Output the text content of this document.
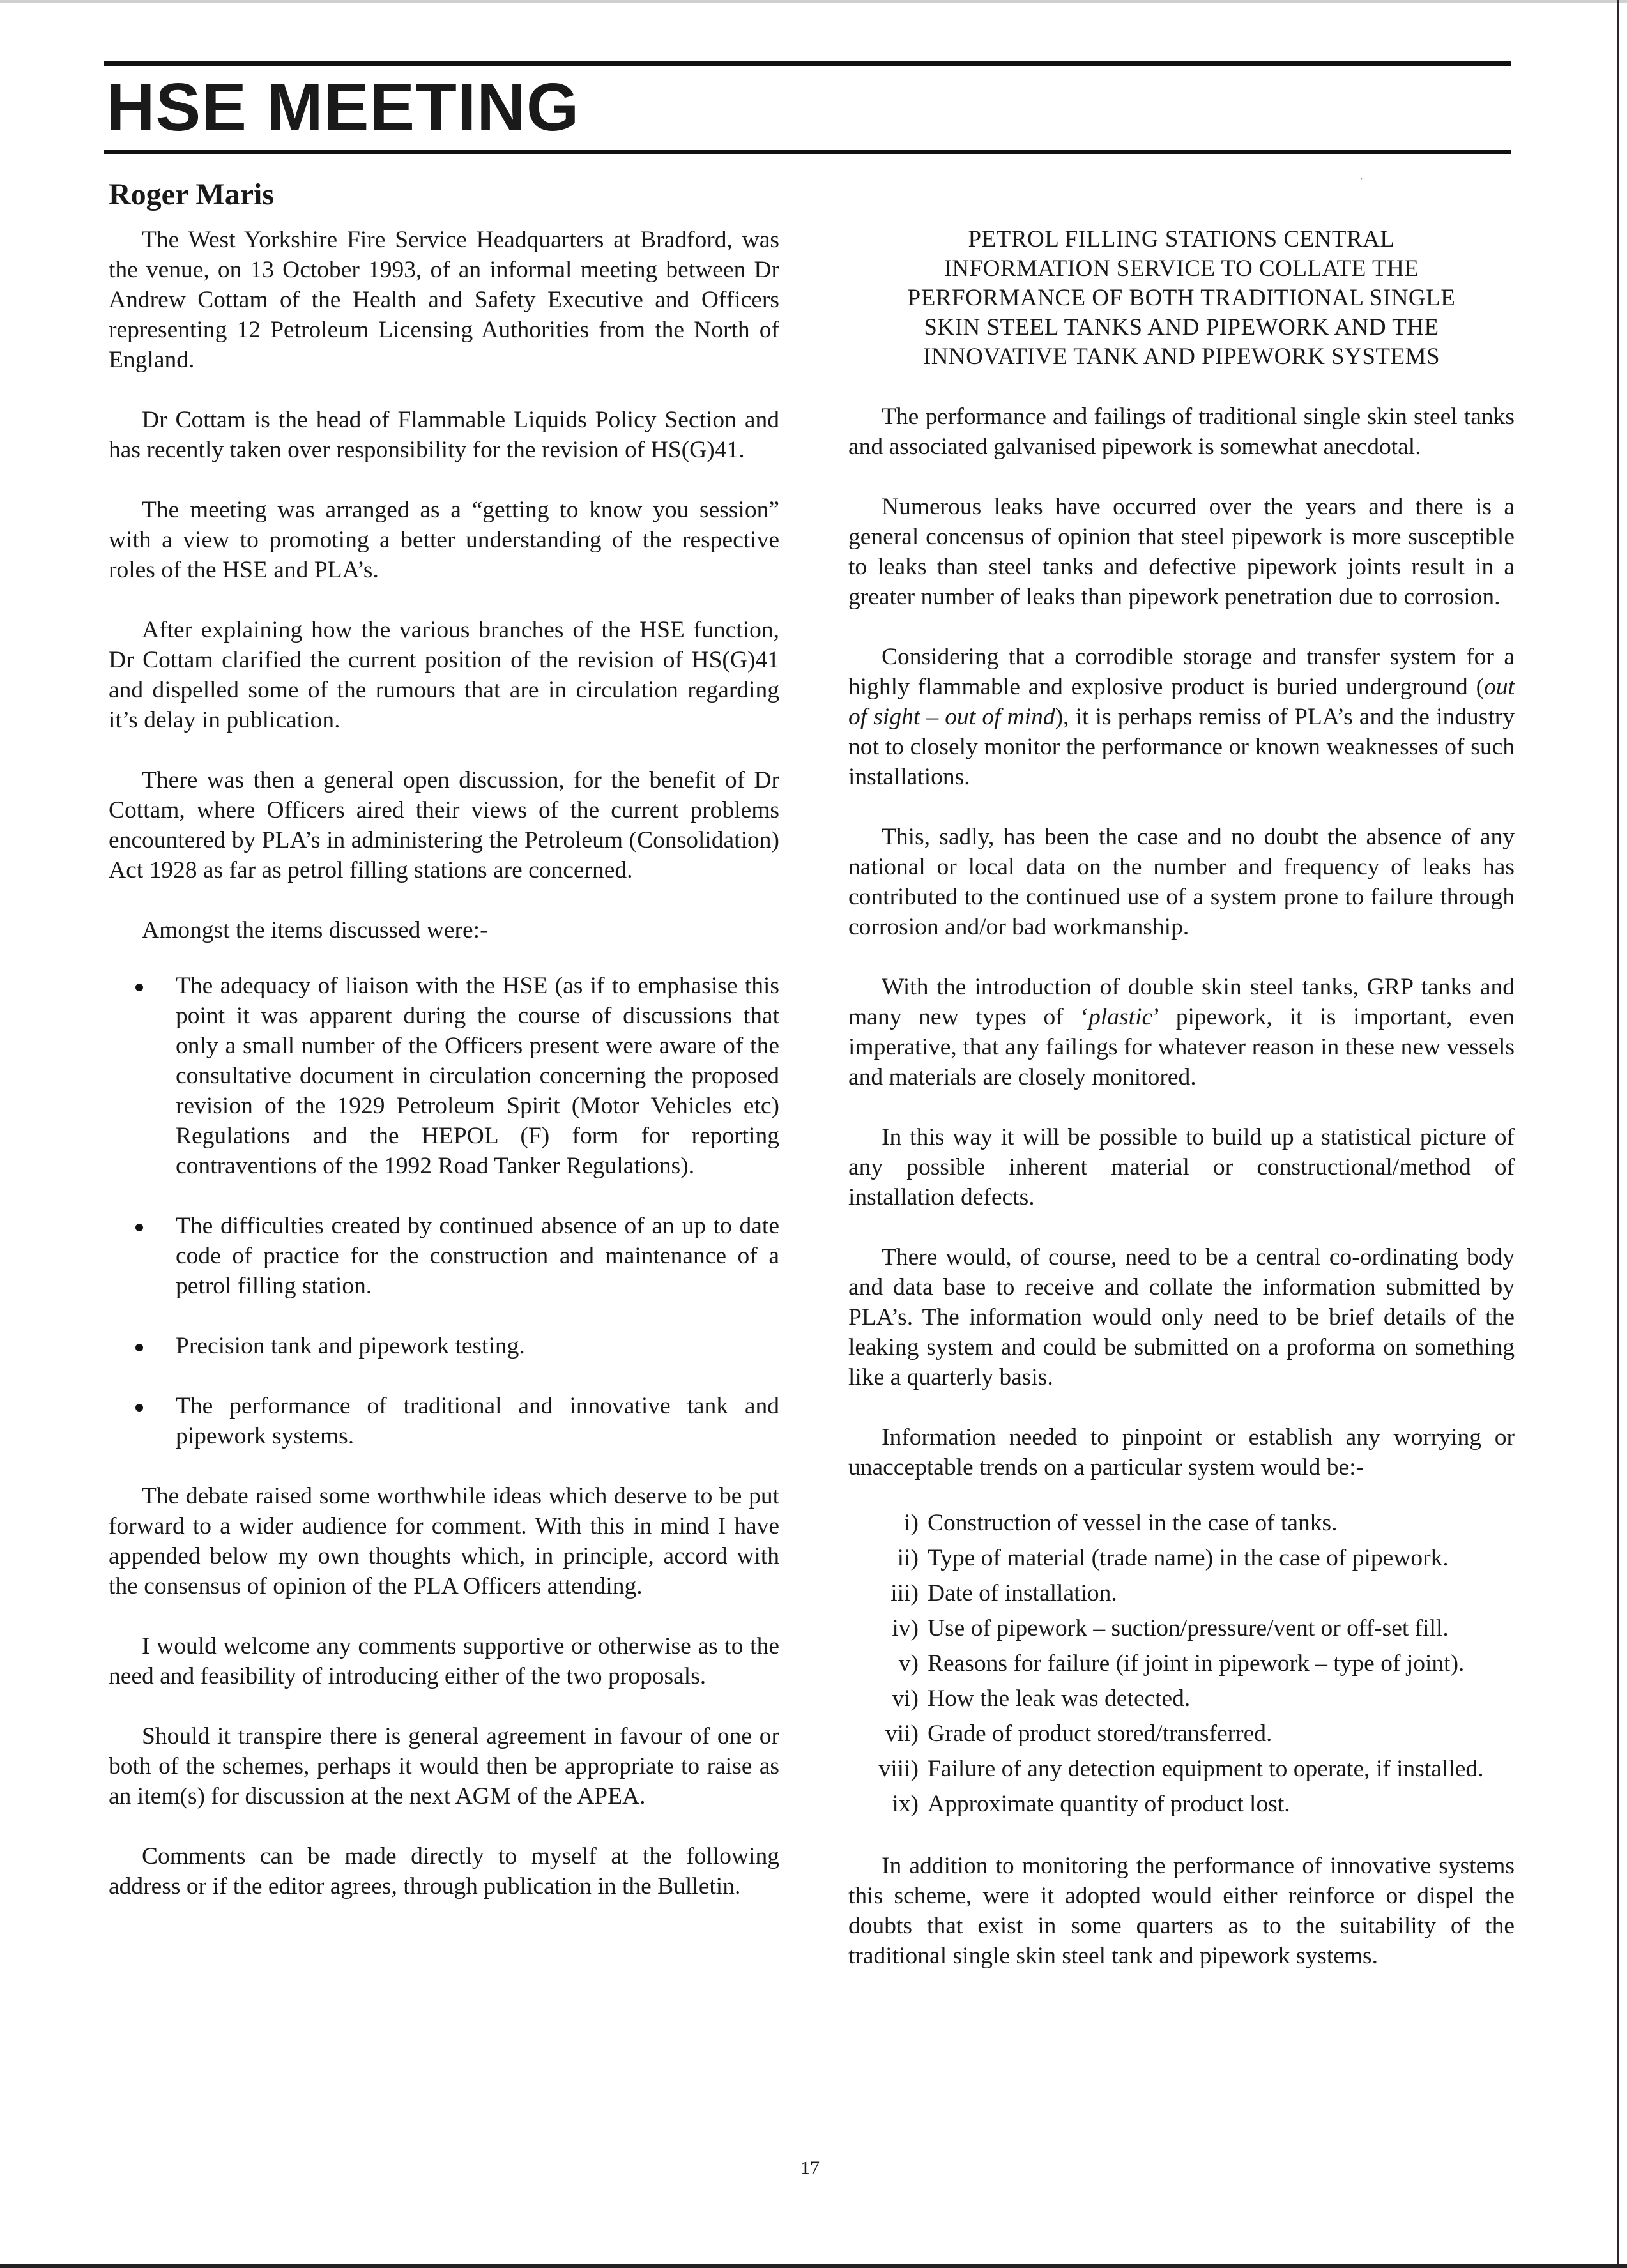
HSE MEETING
Roger Maris	·

The West Yorkshire Fire Service Headquarters at Bradford, was the venue, on 13 October 1993, of an informal meeting between Dr Andrew Cottam of the Health and Safety Executive and Officers representing 12 Petroleum Licensing Authorities from the North of England.

Dr Cottam is the head of Flammable Liquids Policy Section and has recently taken over responsibility for the revision of HS(G)41.

The meeting was arranged as a “getting to know you session” with a view to promoting a better understanding of the respective roles of the HSE and PLA’s.

After explaining how the various branches of the HSE function, Dr Cottam clarified the current position of the revision of HS(G)41 and dispelled some of the rumours that are in circulation regarding it’s delay in publication.

There was then a general open discussion, for the benefit of Dr Cottam, where Officers aired their views of the current problems encountered by PLA’s in administering the Petroleum (Consolidation) Act 1928 as far as petrol filling stations are concerned.

Amongst the items discussed were:-

The adequacy of liaison with the HSE (as if to emphasise this point it was apparent during the course of discussions that only a small number of the Officers present were aware of the consultative document in circulation concerning the proposed revision of the 1929 Petroleum Spirit (Motor Vehicles etc) Regulations and the HEPOL (F) form for reporting contraventions of the 1992 Road Tanker Regulations).
The difficulties created by continued absence of an up to date code of practice for the construction and maintenance of a petrol filling station.
Precision tank and pipework testing.
The performance of traditional and innovative tank and pipework systems.

The debate raised some worthwhile ideas which deserve to be put forward to a wider audience for comment. With this in mind I have appended below my own thoughts which, in principle, accord with the consensus of opinion of the PLA Officers attending.

I would welcome any comments supportive or otherwise as to the need and feasibility of introducing either of the two proposals.

Should it transpire there is general agreement in favour of one or both of the schemes, perhaps it would then be appropriate to raise as an item(s) for discussion at the next AGM of the APEA.

Comments can be made directly to myself at the following address or if the editor agrees, through publication in the Bulletin.

PETROL FILLING STATIONS CENTRAL
INFORMATION SERVICE TO COLLATE THE
PERFORMANCE OF BOTH TRADITIONAL SINGLE
SKIN STEEL TANKS AND PIPEWORK AND THE
INNOVATIVE TANK AND PIPEWORK SYSTEMS

The performance and failings of traditional single skin steel tanks and associated galvanised pipework is somewhat anecdotal.

Numerous leaks have occurred over the years and there is a general concensus of opinion that steel pipework is more susceptible to leaks than steel tanks and defective pipework joints result in a greater number of leaks than pipework penetration due to corrosion.

Considering that a corrodible storage and transfer system for a highly flammable and explosive product is buried underground (out of sight – out of mind), it is perhaps remiss of PLA’s and the industry not to closely monitor the performance or known weaknesses of such installations.

This, sadly, has been the case and no doubt the absence of any national or local data on the number and frequency of leaks has contributed to the continued use of a system prone to failure through corrosion and/or bad workmanship.

With the introduction of double skin steel tanks, GRP tanks and many new types of ‘plastic’ pipework, it is important, even imperative, that any failings for whatever reason in these new vessels and materials are closely monitored.

In this way it will be possible to build up a statistical picture of any possible inherent material or constructional/method of installation defects.

There would, of course, need to be a central co-ordinating body and data base to receive and collate the information submitted by PLA’s. The information would only need to be brief details of the leaking system and could be submitted on a proforma on something like a quarterly basis.

Information needed to pinpoint or establish any worrying or unacceptable trends on a particular system would be:-

i) Construction of vessel in the case of tanks.
ii) Type of material (trade name) in the case of pipework.
iii) Date of installation.
iv) Use of pipework – suction/pressure/vent or off-set fill.
v) Reasons for failure (if joint in pipework – type of joint).
vi) How the leak was detected.
vii) Grade of product stored/transferred.
viii) Failure of any detection equipment to operate, if installed.
ix) Approximate quantity of product lost.

In addition to monitoring the performance of innovative systems this scheme, were it adopted would either reinforce or dispel the doubts that exist in some quarters as to the suitability of the traditional single skin steel tank and pipework systems.

17
